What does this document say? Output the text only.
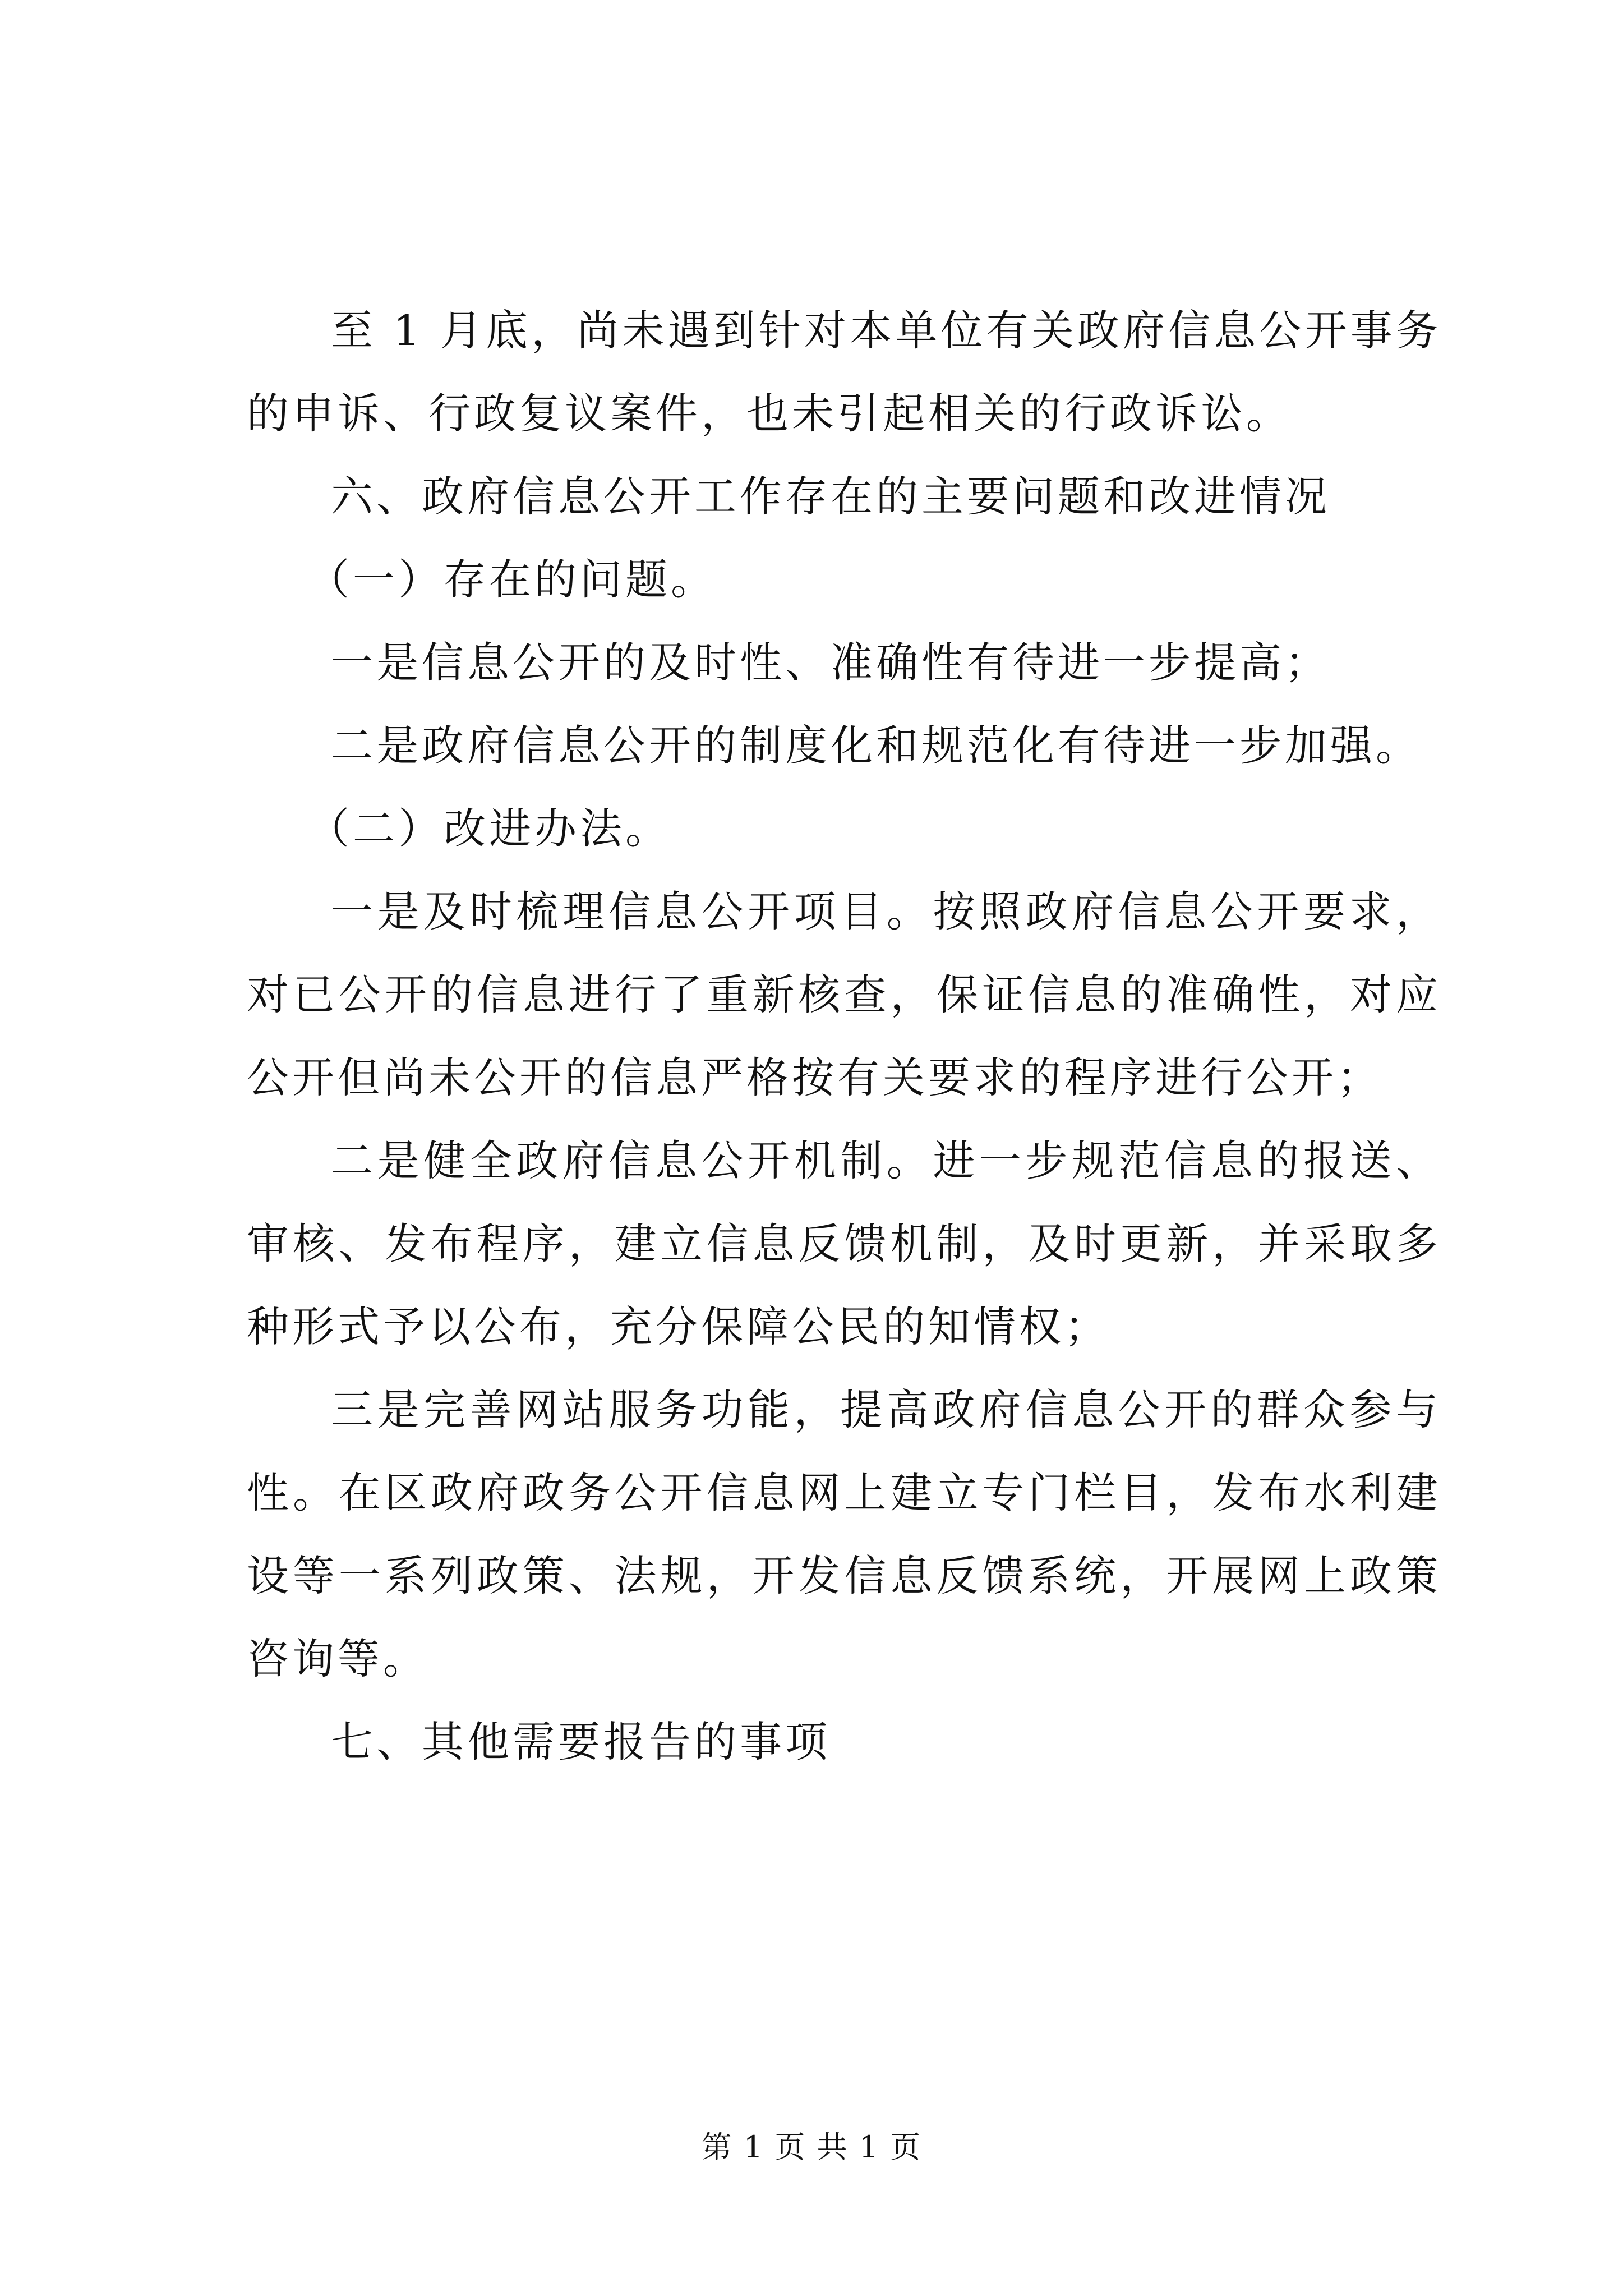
至 1 月底，尚未遇到针对本单位有关政府信息公开事务的申诉、行政复议案件，也未引起相关的行政诉讼。

六、政府信息公开工作存在的主要问题和改进情况

（一）存在的问题。

一是信息公开的及时性、准确性有待进一步提高；

二是政府信息公开的制度化和规范化有待进一步加强。

（二）改进办法。

一是及时梳理信息公开项目。按照政府信息公开要求，对已公开的信息进行了重新核查，保证信息的准确性，对应公开但尚未公开的信息严格按有关要求的程序进行公开；

二是健全政府信息公开机制。进一步规范信息的报送、审核、发布程序，建立信息反馈机制，及时更新，并采取多种形式予以公布，充分保障公民的知情权；

三是完善网站服务功能，提高政府信息公开的群众参与性。在区政府政务公开信息网上建立专门栏目，发布水利建设等一系列政策、法规，开发信息反馈系统，开展网上政策咨询等。

七、其他需要报告的事项

第 1 页 共 1 页
